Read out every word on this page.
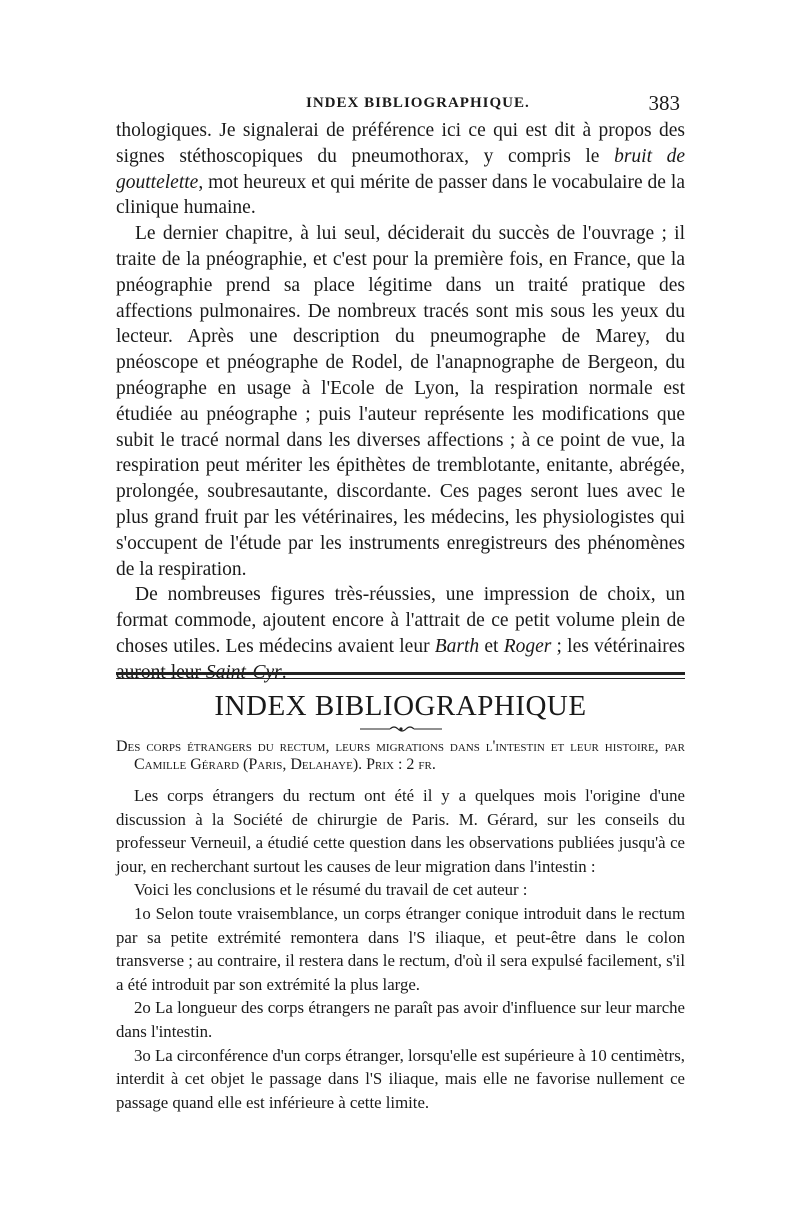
INDEX BIBLIOGRAPHIQUE.	383

thologiques. Je signalerai de préférence ici ce qui est dit à propos des signes stéthoscopiques du pneumothorax, y compris le bruit de gouttelette, mot heureux et qui mérite de passer dans le vocabulaire de la clinique humaine.

Le dernier chapitre, à lui seul, déciderait du succès de l'ouvrage ; il traite de la pnéographie, et c'est pour la première fois, en France, que la pnéographie prend sa place légitime dans un traité pratique des affections pulmonaires. De nombreux tracés sont mis sous les yeux du lecteur. Après une description du pneumographe de Marey, du pnéoscope et pnéographe de Rodel, de l'anapnographe de Bergeon, du pnéographe en usage à l'Ecole de Lyon, la respiration normale est étudiée au pnéographe ; puis l'auteur représente les modifications que subit le tracé normal dans les diverses affections ; à ce point de vue, la respiration peut mériter les épithètes de tremblotante, enitante, abrégée, prolongée, soubresautante, discordante. Ces pages seront lues avec le plus grand fruit par les vétérinaires, les médecins, les physiologistes qui s'occupent de l'étude par les instruments enregistreurs des phénomènes de la respiration.

De nombreuses figures très-réussies, une impression de choix, un format commode, ajoutent encore à l'attrait de ce petit volume plein de choses utiles. Les médecins avaient leur Barth et Roger ; les vétérinaires

INDEX BIBLIOGRAPHIQUE
Des corps étrangers du rectum, leurs migrations dans l'intestin et leur histoire, par Camille Gérard (Paris, Delahaye). Prix : 2 fr.

Les corps étrangers du rectum ont été il y a quelques mois l'origine d'une discussion à la Société de chirurgie de Paris. M. Gérard, sur les conseils du professeur Verneuil, a étudié cette question dans les observations publiées jusqu'à ce jour, en recherchant surtout les causes de leur migration dans l'intestin :

Voici les conclusions et le résumé du travail de cet auteur :

1o Selon toute vraisemblance, un corps étranger conique introduit dans le rectum par sa petite extrémité remontera dans l'S iliaque, et peut-être dans le colon transverse ; au contraire, il restera dans le rectum, d'où il sera expulsé facilement, s'il a été introduit par son extrémité la plus large.

2o La longueur des corps étrangers ne paraît pas avoir d'influence sur leur marche dans l'intestin.

3o La circonférence d'un corps étranger, lorsqu'elle est supérieure à 10 centimètrs, interdit à cet objet le passage dans l'S iliaque, mais elle ne favorise nullement ce passage quand elle est inférieure à cette limite.
